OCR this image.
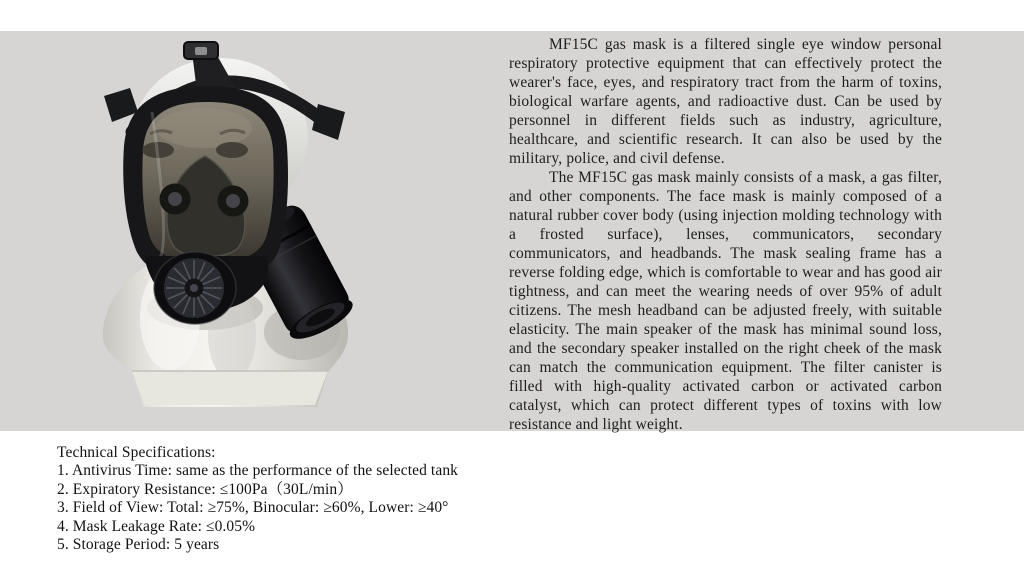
MF15C gas mask is a filtered single eye window personal respiratory protective equipment that can effectively protect the wearer's face, eyes, and respiratory tract from the harm of toxins, biological warfare agents, and radioactive dust. Can be used by personnel in different fields such as industry, agriculture, healthcare, and scientific research. It can also be used by the military, police, and civil defense.

The MF15C gas mask mainly consists of a mask, a gas filter, and other components. The face mask is mainly composed of a natural rubber cover body (using injection molding technology with a frosted surface), lenses, communicators, secondary communicators, and headbands. The mask sealing frame has a reverse folding edge, which is comfortable to wear and has good air tightness, and can meet the wearing needs of over 95% of adult citizens. The mesh headband can be adjusted freely, with suitable elasticity. The main speaker of the mask has minimal sound loss, and the secondary speaker installed on the right cheek of the mask can match the communication equipment. The filter canister is filled with high-quality activated carbon or activated carbon catalyst, which can protect different types of toxins with low resistance and light weight.

Technical Specifications:
1. Antivirus Time: same as the performance of the selected tank
2. Expiratory Resistance: ≤100Pa（30L/min）
3. Field of View: Total: ≥75%, Binocular: ≥60%, Lower: ≥40°
4. Mask Leakage Rate: ≤0.05%
5. Storage Period: 5 years
